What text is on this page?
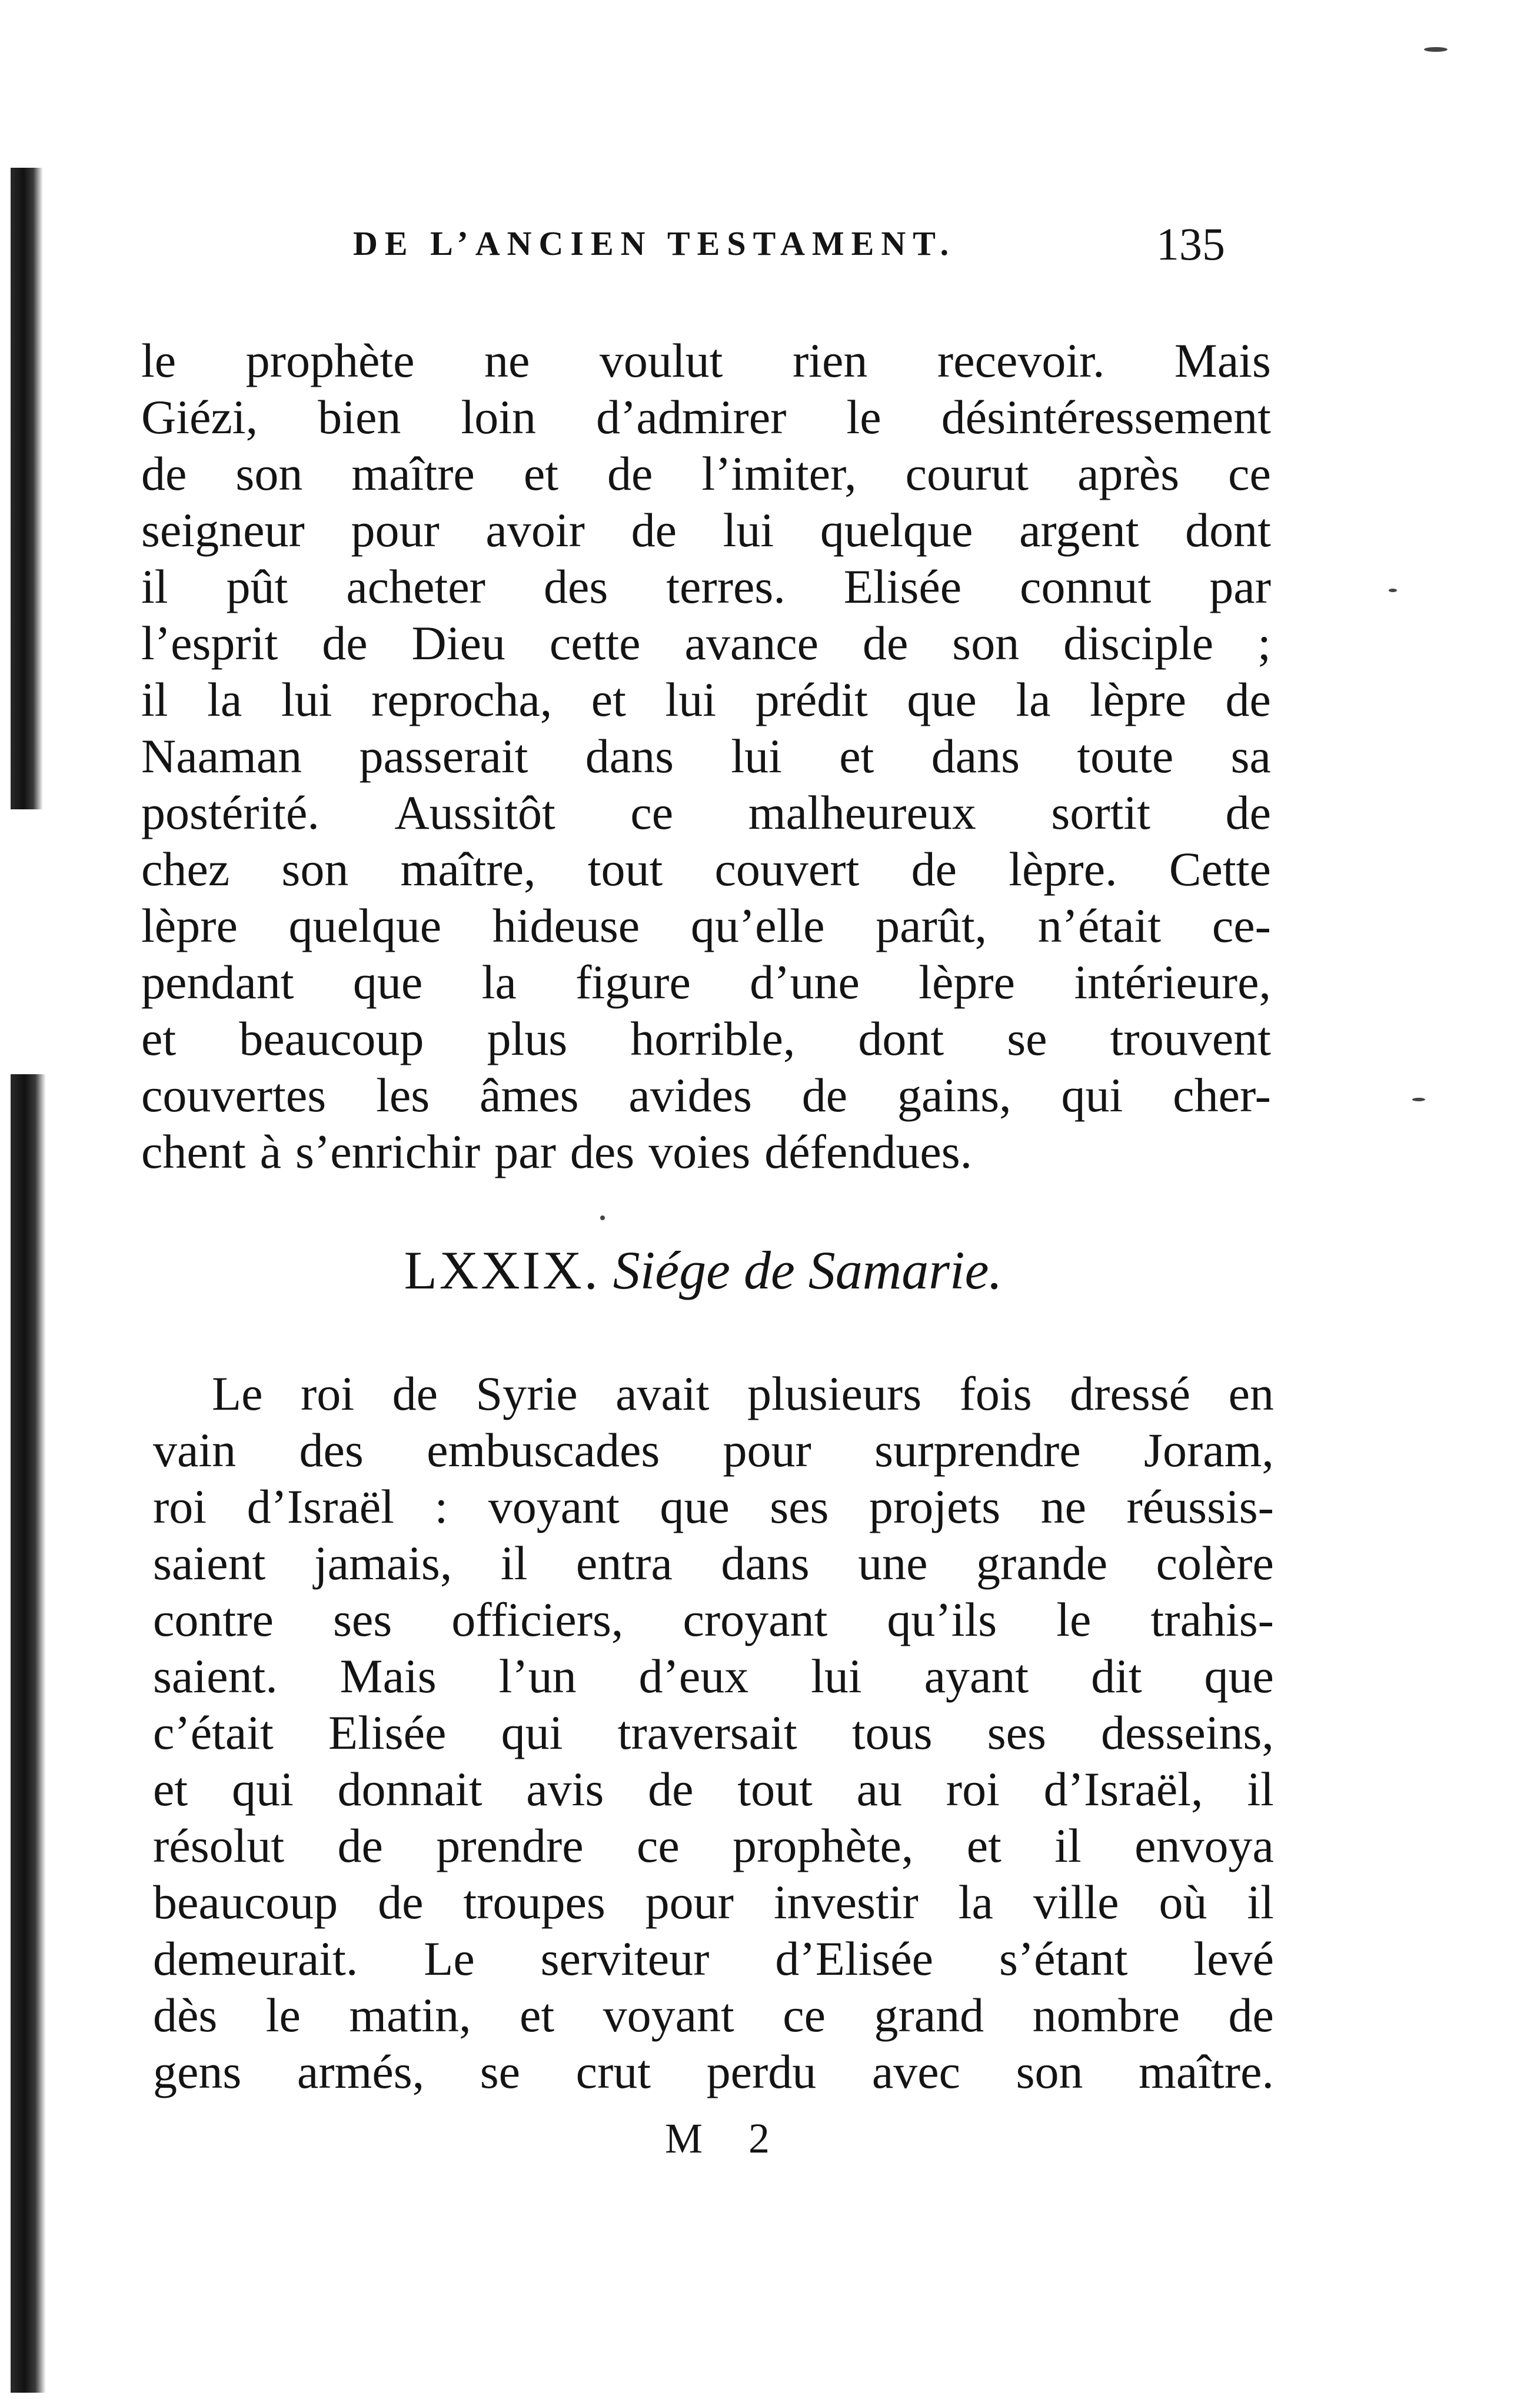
DE L’ANCIEN TESTAMENT.	135
le prophète ne voulut rien recevoir. Mais
Giézi, bien loin d’admirer le désintéressement
de son maître et de l’imiter, courut après ce
seigneur pour avoir de lui quelque argent dont
il pût acheter des terres. Elisée connut par
l’esprit de Dieu cette avance de son disciple ;
il la lui reprocha, et lui prédit que la lèpre de
Naaman passerait dans lui et dans toute sa
postérité. Aussitôt ce malheureux sortit de
chez son maître, tout couvert de lèpre. Cette
lèpre quelque hideuse qu’elle parût, n’était ce-
pendant que la figure d’une lèpre intérieure,
et beaucoup plus horrible, dont se trouvent
couvertes les âmes avides de gains, qui cher-
chent à s’enrichir par des voies défendues.
LXXIX. Siége de Samarie.
Le roi de Syrie avait plusieurs fois dressé en
vain des embuscades pour surprendre Joram,
roi d’Israël : voyant que ses projets ne réussis-
saient jamais, il entra dans une grande colère
contre ses officiers, croyant qu’ils le trahis-
saient. Mais l’un d’eux lui ayant dit que
c’était Elisée qui traversait tous ses desseins,
et qui donnait avis de tout au roi d’Israël, il
résolut de prendre ce prophète, et il envoya
beaucoup de troupes pour investir la ville où il
demeurait. Le serviteur d’Elisée s’étant levé
dès le matin, et voyant ce grand nombre de
gens armés, se crut perdu avec son maître.
M 2
